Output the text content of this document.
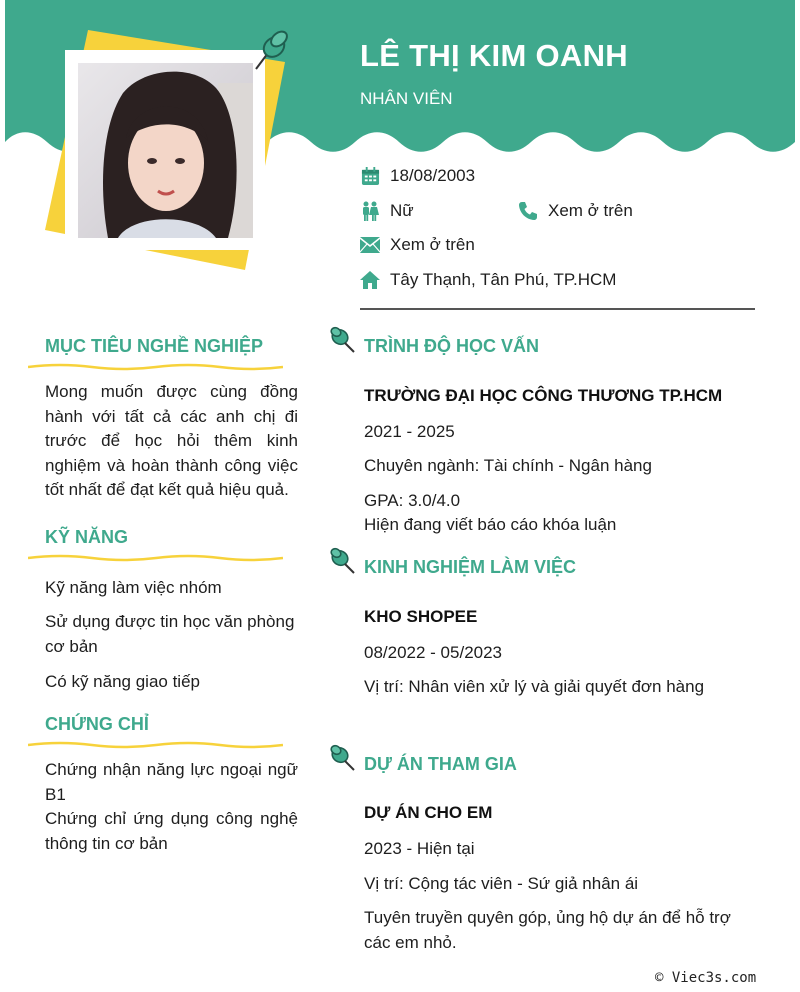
LÊ THỊ KIM OANH
NHÂN VIÊN
18/08/2003
Nữ	Xem ở trên
Xem ở trên
Tây Thạnh, Tân Phú, TP.HCM
MỤC TIÊU NGHỀ NGHIỆP
Mong muốn được cùng đồng hành với tất cả các anh chị đi trước để học hỏi thêm kinh nghiệm và hoàn thành công việc tốt nhất để đạt kết quả hiệu quả.
KỸ NĂNG
Kỹ năng làm việc nhóm
Sử dụng được tin học văn phòng cơ bản
Có kỹ năng giao tiếp
CHỨNG CHỈ
Chứng nhận năng lực ngoại ngữ B1
Chứng chỉ ứng dụng công nghệ thông tin cơ bản
TRÌNH ĐỘ HỌC VẤN
TRƯỜNG ĐẠI HỌC CÔNG THƯƠNG TP.HCM
2021 - 2025
Chuyên ngành: Tài chính - Ngân hàng
GPA: 3.0/4.0
Hiện đang viết báo cáo khóa luận
KINH NGHIỆM LÀM VIỆC
KHO SHOPEE
08/2022 - 05/2023
Vị trí: Nhân viên xử lý và giải quyết đơn hàng
DỰ ÁN THAM GIA
DỰ ÁN CHO EM
2023 - Hiện tại
Vị trí: Cộng tác viên - Sứ giả nhân ái
Tuyên truyền quyên góp, ủng hộ dự án để hỗ trợ các em nhỏ.
© Viec3s.com
